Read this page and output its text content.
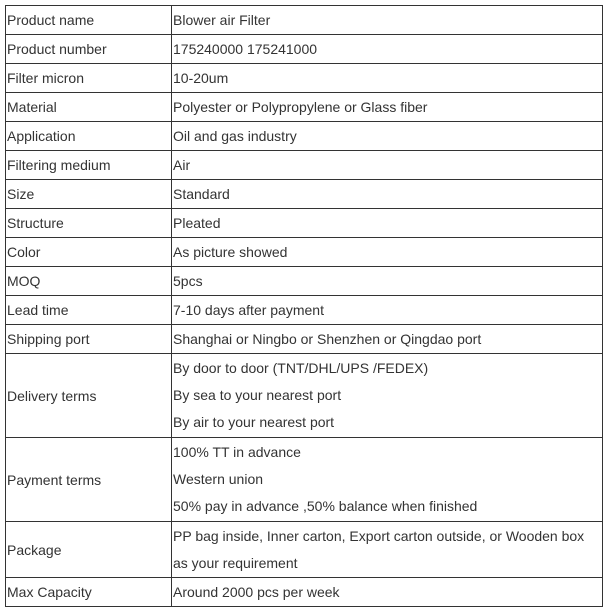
Product name	Blower air Filter
Product number	175240000 175241000
Filter micron	10-20um
Material	Polyester or Polypropylene or Glass fiber
Application	Oil and gas industry
Filtering medium	Air
Size	Standard
Structure	Pleated
Color	As picture showed
MOQ	5pcs
Lead time	7-10 days after payment
Shipping port	Shanghai or Ningbo or Shenzhen or Qingdao port
Delivery terms	By door to door (TNT/DHL/UPS /FEDEX)
By sea to your nearest port
By air to your nearest port

Payment terms	100% TT in advance
Western union
50% pay in advance ,50% balance when finished

Package	PP bag inside, Inner carton, Export carton outside, or Wooden box
as your requirement

Max Capacity	Around 2000 pcs per week
